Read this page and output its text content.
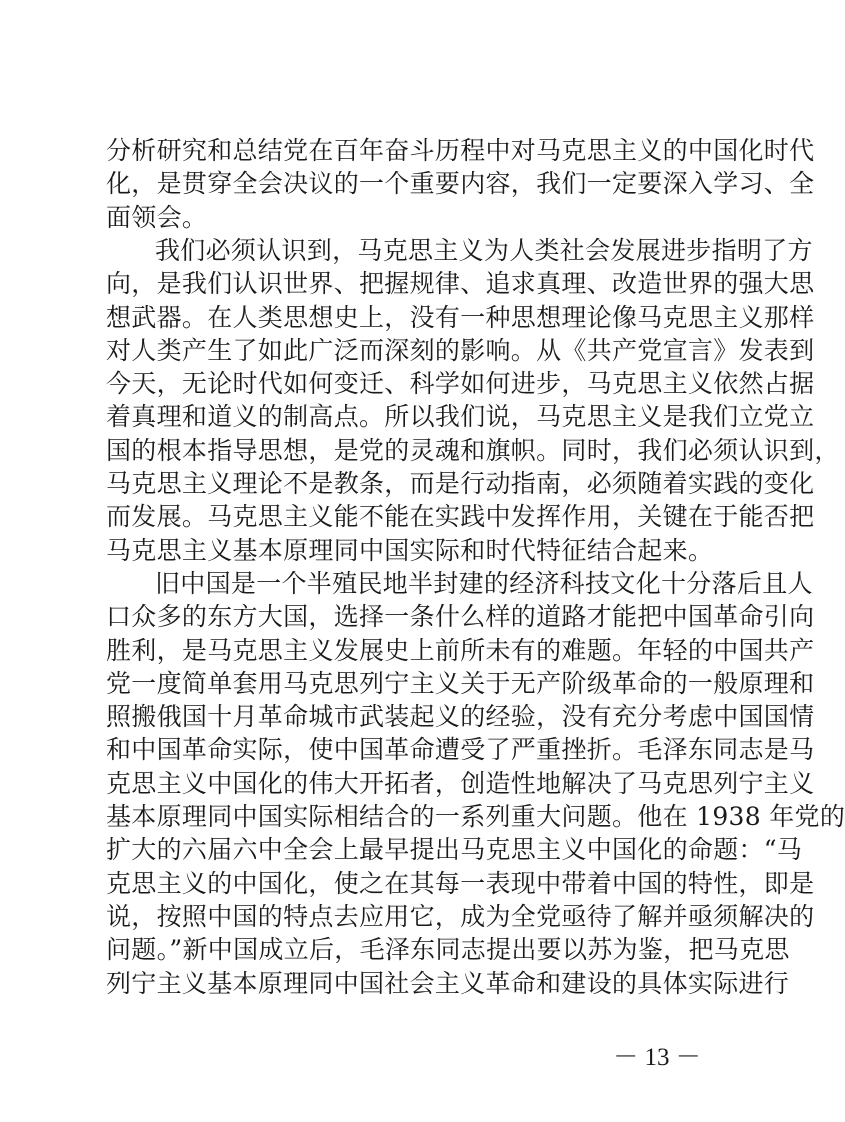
分析研究和总结党在百年奋斗历程中对马克思主义的中国化时代
化，是贯穿全会决议的一个重要内容，我们一定要深入学习、全
面领会。
我们必须认识到，马克思主义为人类社会发展进步指明了方
向，是我们认识世界、把握规律、追求真理、改造世界的强大思
想武器。在人类思想史上，没有一种思想理论像马克思主义那样
对人类产生了如此广泛而深刻的影响。从《共产党宣言》发表到
今天，无论时代如何变迁、科学如何进步，马克思主义依然占据
着真理和道义的制高点。所以我们说，马克思主义是我们立党立
国的根本指导思想，是党的灵魂和旗帜。同时，我们必须认识到，
马克思主义理论不是教条，而是行动指南，必须随着实践的变化
而发展。马克思主义能不能在实践中发挥作用，关键在于能否把
马克思主义基本原理同中国实际和时代特征结合起来。
旧中国是一个半殖民地半封建的经济科技文化十分落后且人
口众多的东方大国，选择一条什么样的道路才能把中国革命引向
胜利，是马克思主义发展史上前所未有的难题。年轻的中国共产
党一度简单套用马克思列宁主义关于无产阶级革命的一般原理和
照搬俄国十月革命城市武装起义的经验，没有充分考虑中国国情
和中国革命实际，使中国革命遭受了严重挫折。毛泽东同志是马
克思主义中国化的伟大开拓者，创造性地解决了马克思列宁主义
基本原理同中国实际相结合的一系列重大问题。他在 1938 年党的
扩大的六届六中全会上最早提出马克思主义中国化的命题：“马
克思主义的中国化，使之在其每一表现中带着中国的特性，即是
说，按照中国的特点去应用它，成为全党亟待了解并亟须解决的
问题。”新中国成立后，毛泽东同志提出要以苏为鉴，把马克思
列宁主义基本原理同中国社会主义革命和建设的具体实际进行
－ 13 －
